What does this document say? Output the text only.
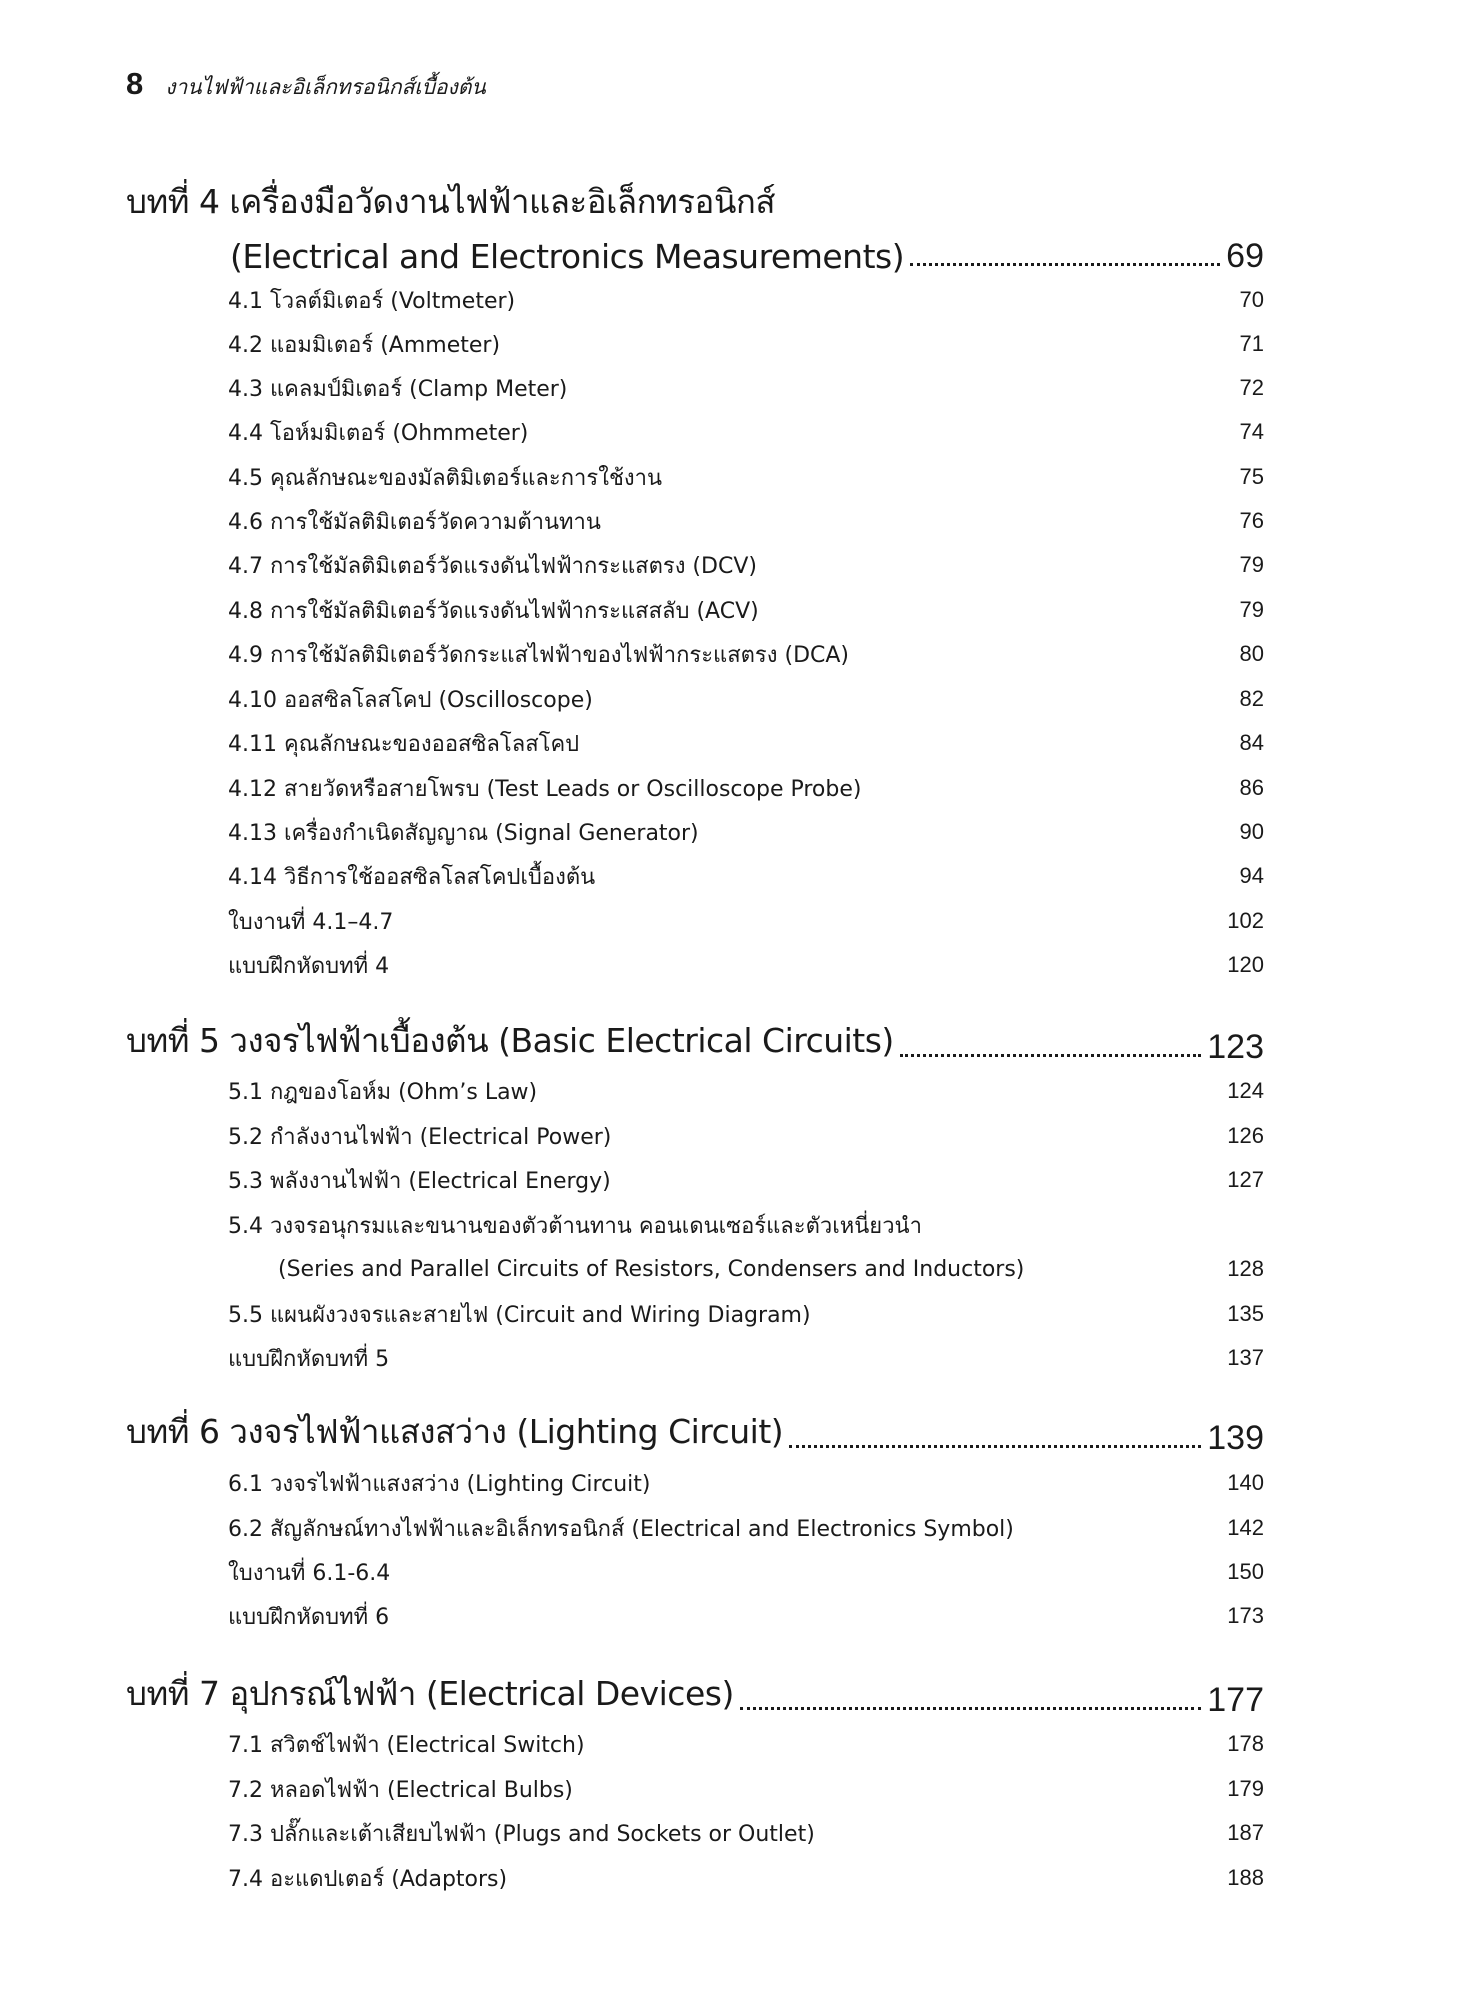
8 งานไฟฟ้าและอิเล็กทรอนิกส์เบื้องต้น
บทที่ 4 เครื่องมือวัดงานไฟฟ้าและอิเล็กทรอนิกส์
(Electrical and Electronics Measurements)	69
4.1 โวลต์มิเตอร์ (Voltmeter)	70
4.2 แอมมิเตอร์ (Ammeter)	71
4.3 แคลมป์มิเตอร์ (Clamp Meter)	72
4.4 โอห์มมิเตอร์ (Ohmmeter)	74
4.5 คุณลักษณะของมัลติมิเตอร์และการใช้งาน	75
4.6 การใช้มัลติมิเตอร์วัดความต้านทาน	76
4.7 การใช้มัลติมิเตอร์วัดแรงดันไฟฟ้ากระแสตรง (DCV)	79
4.8 การใช้มัลติมิเตอร์วัดแรงดันไฟฟ้ากระแสสลับ (ACV)	79
4.9 การใช้มัลติมิเตอร์วัดกระแสไฟฟ้าของไฟฟ้ากระแสตรง (DCA)	80
4.10 ออสซิลโลสโคป (Oscilloscope)	82
4.11 คุณลักษณะของออสซิลโลสโคป	84
4.12 สายวัดหรือสายโพรบ (Test Leads or Oscilloscope Probe)	86
4.13 เครื่องกำเนิดสัญญาณ (Signal Generator)	90
4.14 วิธีการใช้ออสซิลโลสโคปเบื้องต้น	94
ใบงานที่ 4.1–4.7	102
แบบฝึกหัดบทที่ 4	120
บทที่ 5 วงจรไฟฟ้าเบื้องต้น (Basic Electrical Circuits)	123
5.1 กฎของโอห์ม (Ohm’s Law)	124
5.2 กำลังงานไฟฟ้า (Electrical Power)	126
5.3 พลังงานไฟฟ้า (Electrical Energy)	127
5.4 วงจรอนุกรมและขนานของตัวต้านทาน คอนเดนเซอร์และตัวเหนี่ยวนำ
(Series and Parallel Circuits of Resistors, Condensers and Inductors)	128
5.5 แผนผังวงจรและสายไฟ (Circuit and Wiring Diagram)	135
แบบฝึกหัดบทที่ 5	137
บทที่ 6 วงจรไฟฟ้าแสงสว่าง (Lighting Circuit)	139
6.1 วงจรไฟฟ้าแสงสว่าง (Lighting Circuit)	140
6.2 สัญลักษณ์ทางไฟฟ้าและอิเล็กทรอนิกส์ (Electrical and Electronics Symbol)	142
ใบงานที่ 6.1-6.4	150
แบบฝึกหัดบทที่ 6	173
บทที่ 7 อุปกรณ์ไฟฟ้า (Electrical Devices)	177
7.1 สวิตช์ไฟฟ้า (Electrical Switch)	178
7.2 หลอดไฟฟ้า (Electrical Bulbs)	179
7.3 ปลั๊กและเต้าเสียบไฟฟ้า (Plugs and Sockets or Outlet)	187
7.4 อะแดปเตอร์ (Adaptors)	188
